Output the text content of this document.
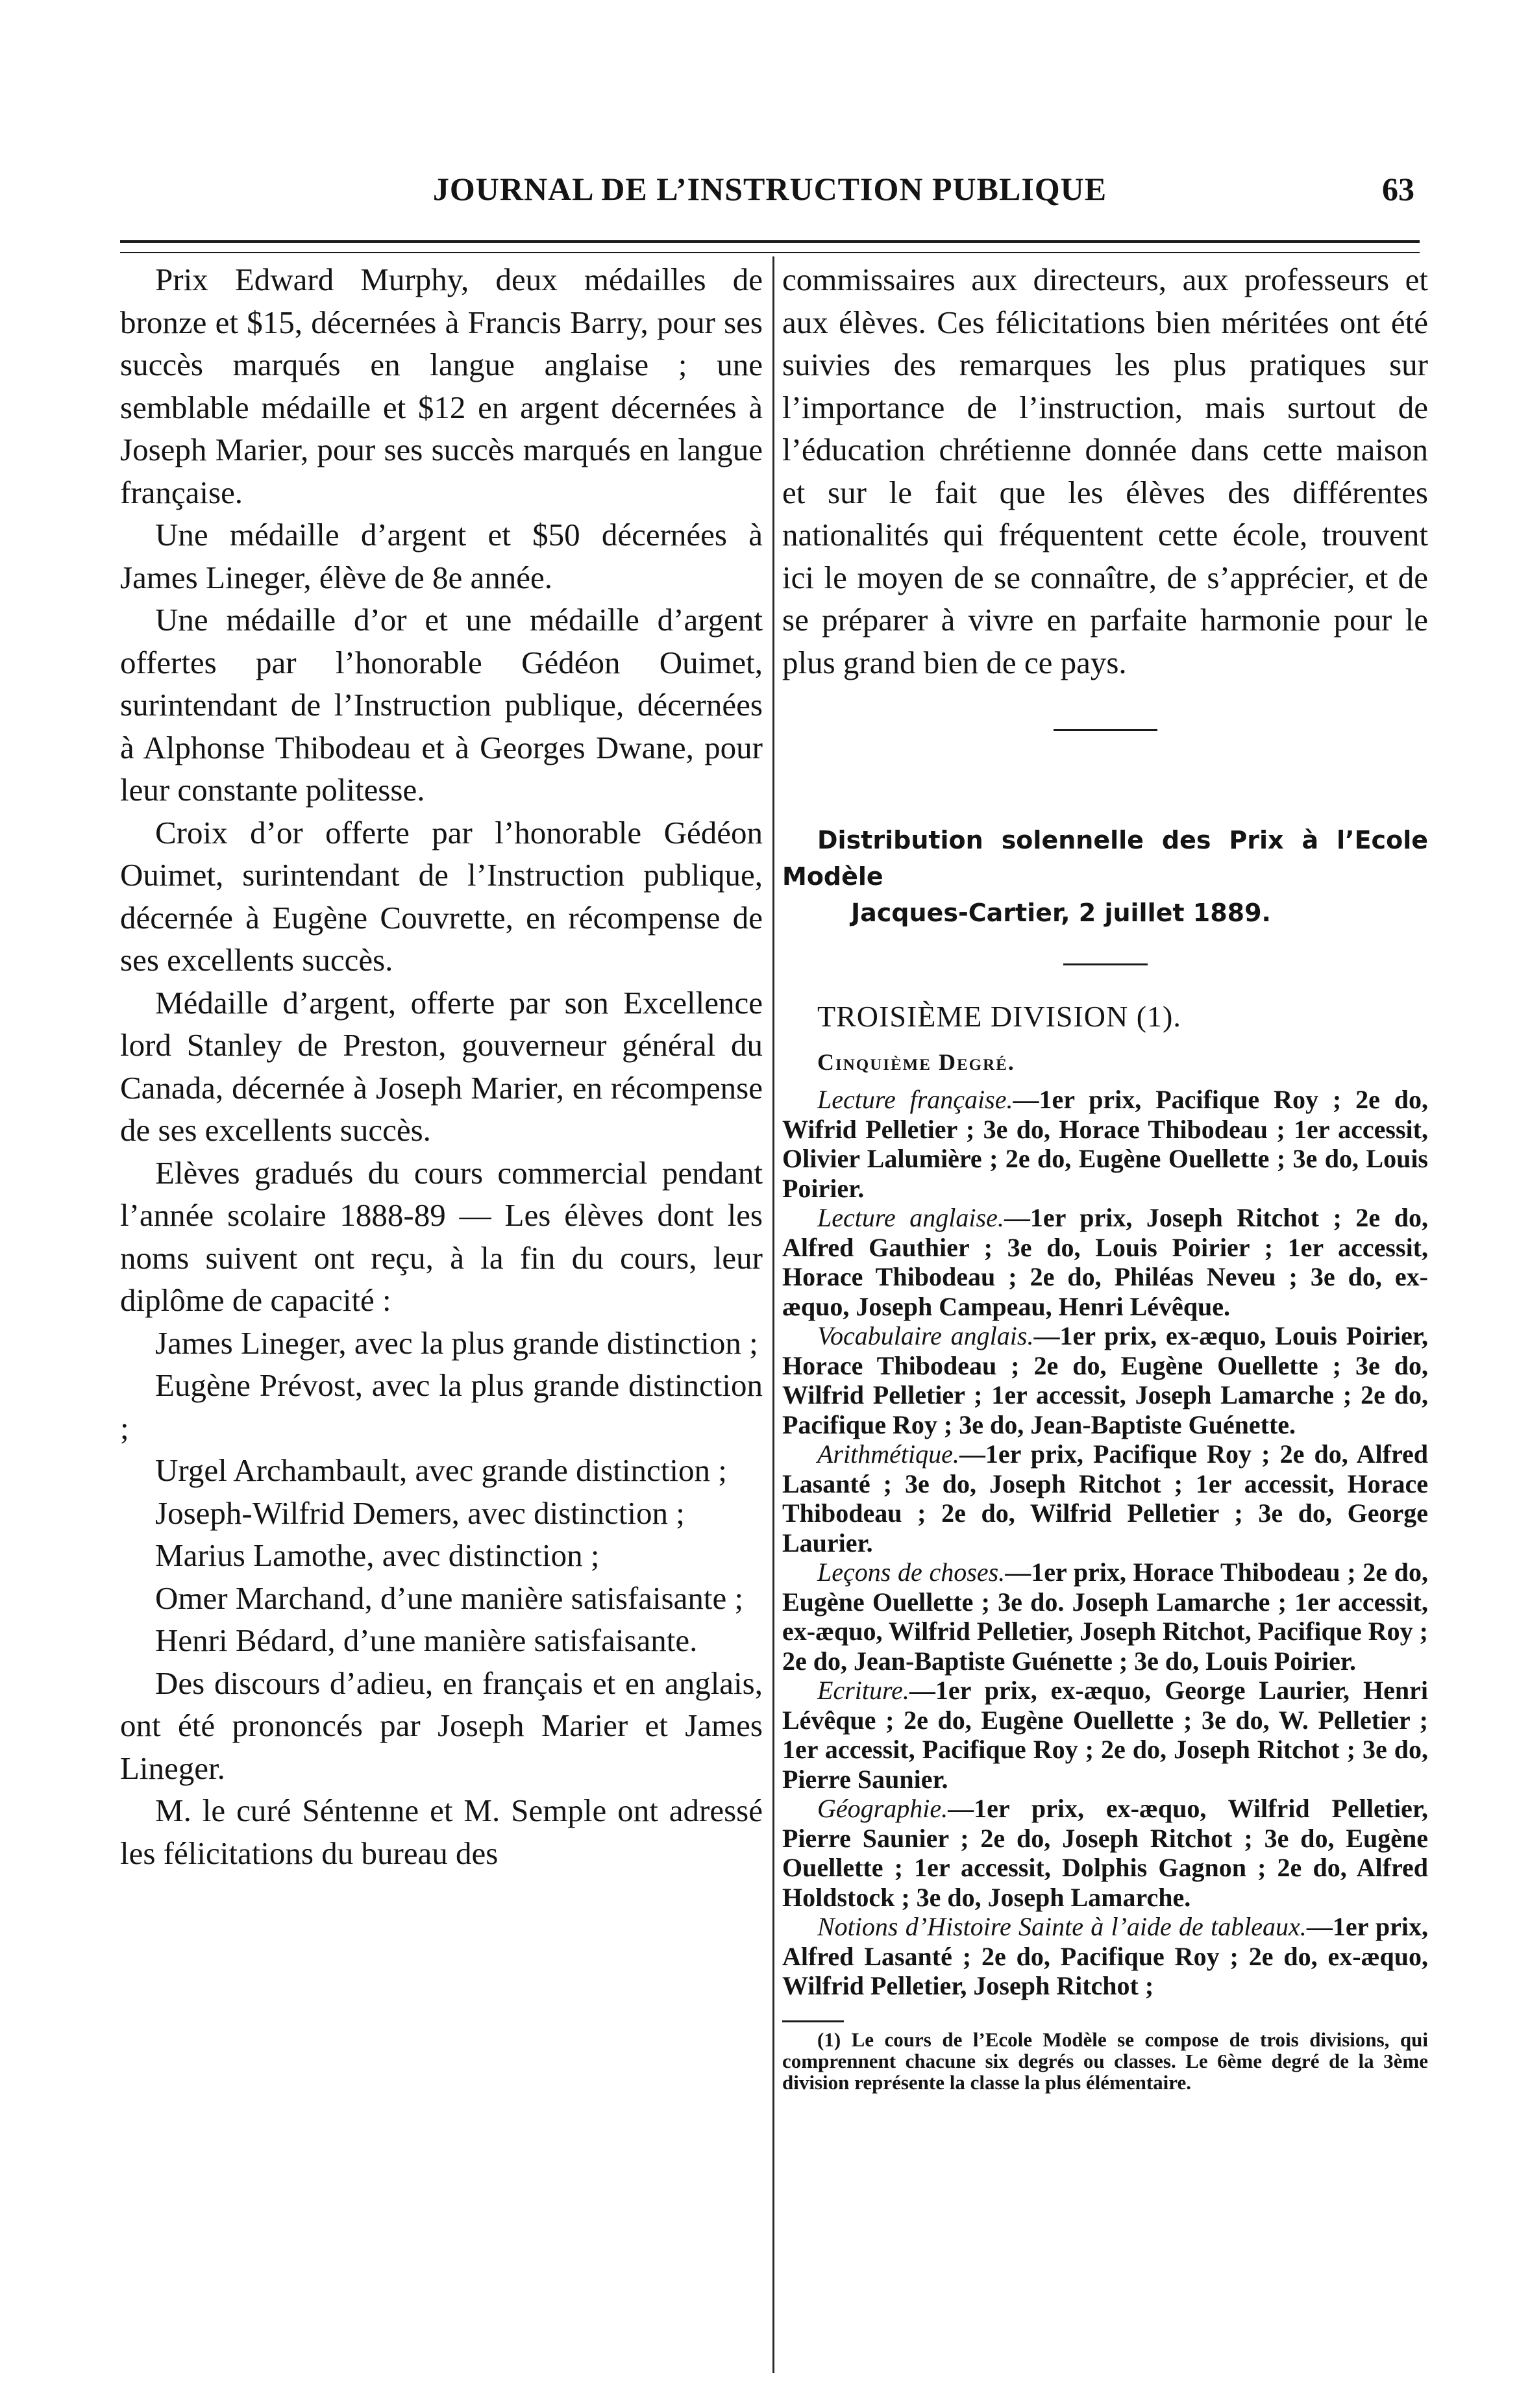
JOURNAL DE L’INSTRUCTION PUBLIQUE	63

Prix Edward Murphy, deux médailles de bronze et $15, décernées à Francis Barry, pour ses succès marqués en langue anglaise ; une semblable médaille et $12 en argent décernées à Joseph Marier, pour ses succès marqués en langue française.

Une médaille d’argent et $50 décernées à James Lineger, élève de 8e année.

Une médaille d’or et une médaille d’argent offertes par l’honorable Gédéon Ouimet, surintendant de l’Instruction publique, décernées à Alphonse Thibodeau et à Georges Dwane, pour leur constante politesse.

Croix d’or offerte par l’honorable Gédéon Ouimet, surintendant de l’Instruction publique, décernée à Eugène Couvrette, en récompense de ses excellents succès.

Médaille d’argent, offerte par son Excellence lord Stanley de Preston, gouverneur général du Canada, décernée à Joseph Marier, en récompense de ses excellents succès.

Elèves gradués du cours commercial pendant l’année scolaire 1888-89 — Les élèves dont les noms suivent ont reçu, à la fin du cours, leur diplôme de capacité :

James Lineger, avec la plus grande distinction ;

Eugène Prévost, avec la plus grande distinction ;

Urgel Archambault, avec grande distinction ;

Joseph-Wilfrid Demers, avec distinction ;

Marius Lamothe, avec distinction ;

Omer Marchand, d’une manière satisfaisante ;

Henri Bédard, d’une manière satisfaisante.

Des discours d’adieu, en français et en anglais, ont été prononcés par Joseph Marier et James Lineger.

M. le curé Séntenne et M. Semple ont adressé les félicitations du bureau des

commissaires aux directeurs, aux professeurs et aux élèves. Ces félicitations bien méritées ont été suivies des remarques les plus pratiques sur l’importance de l’instruction, mais surtout de l’éducation chrétienne donnée dans cette maison et sur le fait que les élèves des différentes nationalités qui fréquentent cette école, trouvent ici le moyen de se connaître, de s’apprécier, et de se préparer à vivre en parfaite harmonie pour le plus grand bien de ce pays.

Distribution solennelle des Prix à l’Ecole Modèle
Jacques-Cartier, 2 juillet 1889.

TROISIÈME DIVISION (1).

Cinquième Degré.

Lecture française.—1er prix, Pacifique Roy ; 2e do, Wifrid Pelletier ; 3e do, Horace Thibodeau ; 1er accessit, Olivier Lalumière ; 2e do, Eugène Ouellette ; 3e do, Louis Poirier.

Lecture anglaise.—1er prix, Joseph Ritchot ; 2e do, Alfred Gauthier ; 3e do, Louis Poirier ; 1er accessit, Horace Thibodeau ; 2e do, Philéas Neveu ; 3e do, ex-æquo, Joseph Campeau, Henri Lévêque.

Vocabulaire anglais.—1er prix, ex-æquo, Louis Poirier, Horace Thibodeau ; 2e do, Eugène Ouellette ; 3e do, Wilfrid Pelletier ; 1er accessit, Joseph Lamarche ; 2e do, Pacifique Roy ; 3e do, Jean-Baptiste Guénette.

Arithmétique.—1er prix, Pacifique Roy ; 2e do, Alfred Lasanté ; 3e do, Joseph Ritchot ; 1er accessit, Horace Thibodeau ; 2e do, Wilfrid Pelletier ; 3e do, George Laurier.

Leçons de choses.—1er prix, Horace Thibodeau ; 2e do, Eugène Ouellette ; 3e do. Joseph Lamarche ; 1er accessit, ex-æquo, Wilfrid Pelletier, Joseph Ritchot, Pacifique Roy ; 2e do, Jean-Baptiste Guénette ; 3e do, Louis Poirier.

Ecriture.—1er prix, ex-æquo, George Laurier, Henri Lévêque ; 2e do, Eugène Ouellette ; 3e do, W. Pelletier ; 1er accessit, Pacifique Roy ; 2e do, Joseph Ritchot ; 3e do, Pierre Saunier.

Géographie.—1er prix, ex-æquo, Wilfrid Pelletier, Pierre Saunier ; 2e do, Joseph Ritchot ; 3e do, Eugène Ouellette ; 1er accessit, Dolphis Gagnon ; 2e do, Alfred Holdstock ; 3e do, Joseph Lamarche.

Notions d’Histoire Sainte à l’aide de tableaux.—1er prix, Alfred Lasanté ; 2e do, Pacifique Roy ; 2e do, ex-æquo, Wilfrid Pelletier, Joseph Ritchot ;

(1) Le cours de l’Ecole Modèle se compose de trois divisions, qui comprennent chacune six degrés ou classes. Le 6ème degré de la 3ème division représente la classe la plus élémentaire.
